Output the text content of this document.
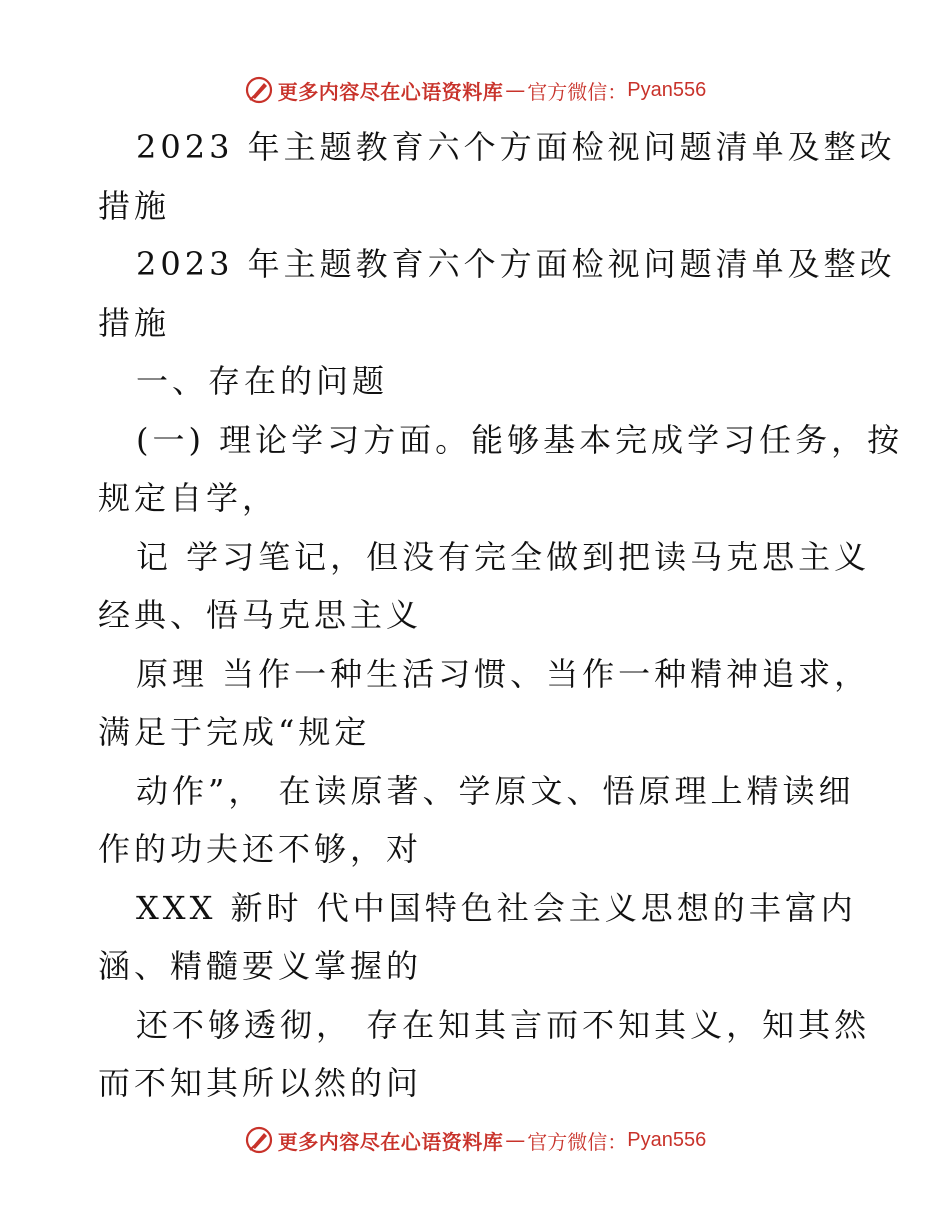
更多内容尽在心语资料库 — 官方微信： Pyan556
2023 年主题教育六个方面检视问题清单及整改
措施
2023 年主题教育六个方面检视问题清单及整改
措施
一、存在的问题
(一) 理论学习方面。能够基本完成学习任务，按
规定自学，
记 学习笔记，但没有完全做到把读马克思主义
经典、悟马克思主义
原理 当作一种生活习惯、当作一种精神追求，
满足于完成“规定
动作”， 在读原著、学原文、悟原理上精读细
作的功夫还不够，对
XXX 新时 代中国特色社会主义思想的丰富内
涵、精髓要义掌握的
还不够透彻， 存在知其言而不知其义，知其然
而不知其所以然的问
更多内容尽在心语资料库 — 官方微信： Pyan556
